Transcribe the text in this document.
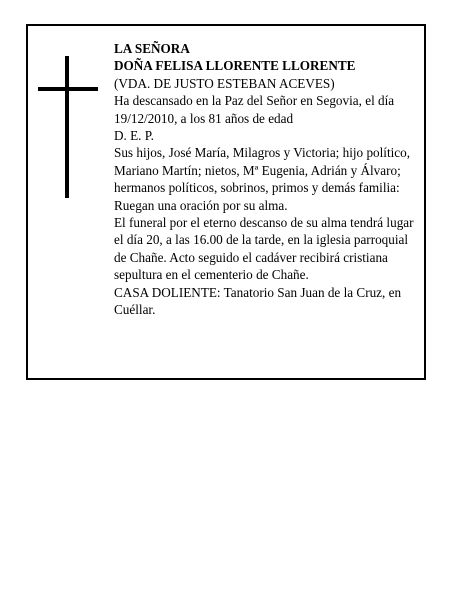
LA SEÑORA

DOÑA FELISA LLORENTE LLORENTE

(VDA. DE JUSTO ESTEBAN ACEVES)

Ha descansado en la Paz del Señor en Segovia, el día 19/12/2010, a los 81 años de edad

D. E. P.

Sus hijos, José María, Milagros y Victoria; hijo político, Mariano Martín; nietos, Mª Eugenia, Adrián y Álvaro; hermanos políticos, sobrinos, primos y demás familia:

Ruegan una oración por su alma.

El funeral por el eterno descanso de su alma tendrá lugar el día 20, a las 16.00 de la tarde, en la iglesia parroquial de Chañe. Acto seguido el cadáver recibirá cristiana sepultura en el cementerio de Chañe.

CASA DOLIENTE: Tanatorio San Juan de la Cruz, en Cuéllar.
